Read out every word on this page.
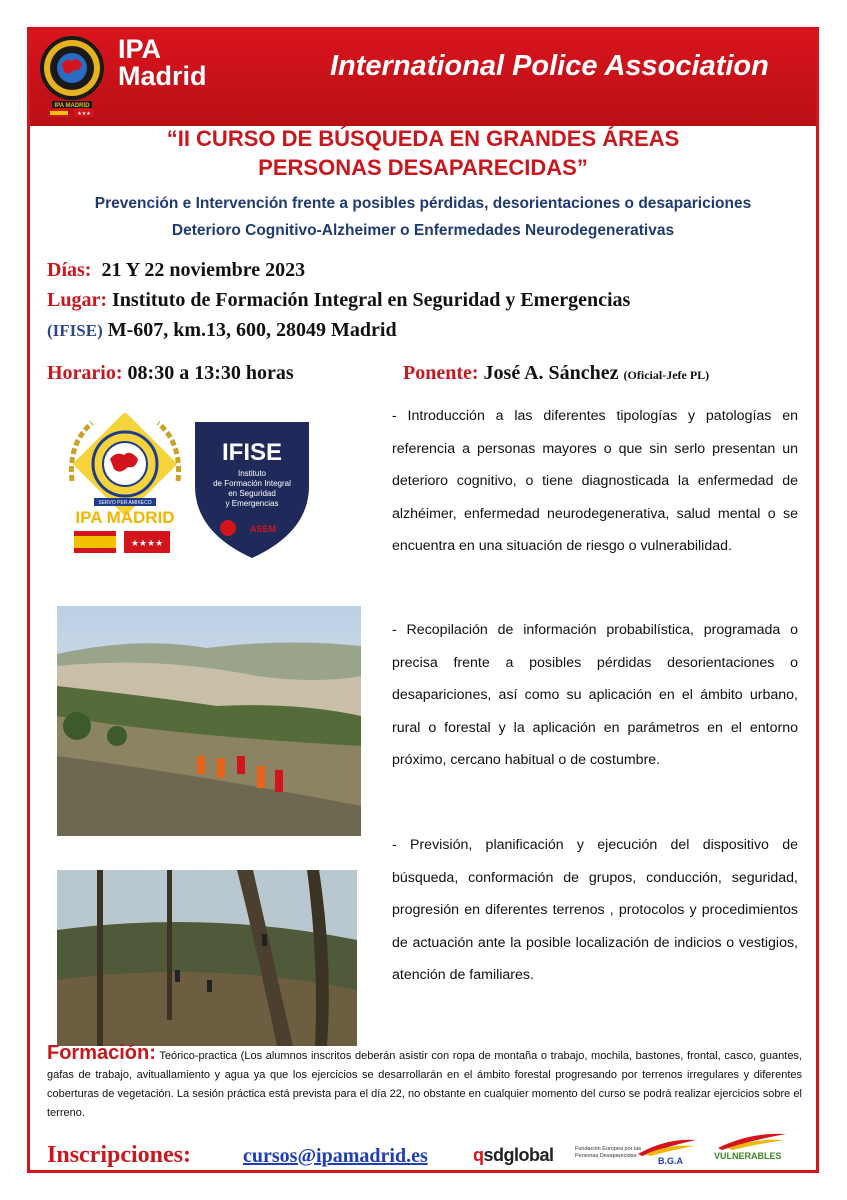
IPA MADRID
★★★
IPA
Madrid	International Police Association
“II CURSO DE BÚSQUEDA EN GRANDES ÁREAS
PERSONAS DESAPARECIDAS”
Prevención e Intervención frente a posibles pérdidas, desorientaciones o desapariciones
Deterioro Cognitivo-Alzheimer o Enfermedades Neurodegenerativas
Días: 21 Y 22 noviembre 2023
Lugar: Instituto de Formación Integral en Seguridad y Emergencias
(IFISE) M-607, km.13, 600, 28049 Madrid
Horario: 08:30 a 13:30 horas	Ponente: José A. Sánchez (Oficial-Jefe PL)
SERVO PER AMIKECO
IPA MADRID
★★★★
IFISE
Instituto
de Formación Integral
en Seguridad
y Emergencias
ASEM
- Introducción a las diferentes tipologías y patologías en referencia a personas mayores o que sin serlo presentan un deterioro cognitivo, o tiene diagnosticada la enfermedad de alzhéimer, enfermedad neurodegenerativa, salud mental o se encuentra en una situación de riesgo o vulnerabilidad.
- Recopilación de información probabilística, programada o precisa frente a posibles pérdidas desorientaciones o desapariciones, así como su aplicación en el ámbito urbano, rural o forestal y la aplicación en parámetros en el entorno próximo, cercano habitual o de costumbre.
- Previsión, planificación y ejecución del dispositivo de búsqueda, conformación de grupos, conducción, seguridad, progresión en diferentes terrenos , protocolos y procedimientos de actuación ante la posible localización de indicios o vestigios, atención de familiares.
Formación: Teórico-practica (Los alumnos inscritos deberán asistir con ropa de montaña o trabajo, mochila, bastones, frontal, casco, guantes, gafas de trabajo, avituallamiento y agua ya que los ejercicios se desarrollarán en el ámbito forestal progresando por terrenos irregulares y diferentes coberturas de vegetación. La sesión práctica está prevista para el día 22, no obstante en cualquier momento del curso se podrá realizar ejercicios sobre el terreno.
Inscripciones:	cursos@ipamadrid.es	qsdglobal	Fundación Europea por las Personas Desaparecidas
B.G.A	VULNERABLES
